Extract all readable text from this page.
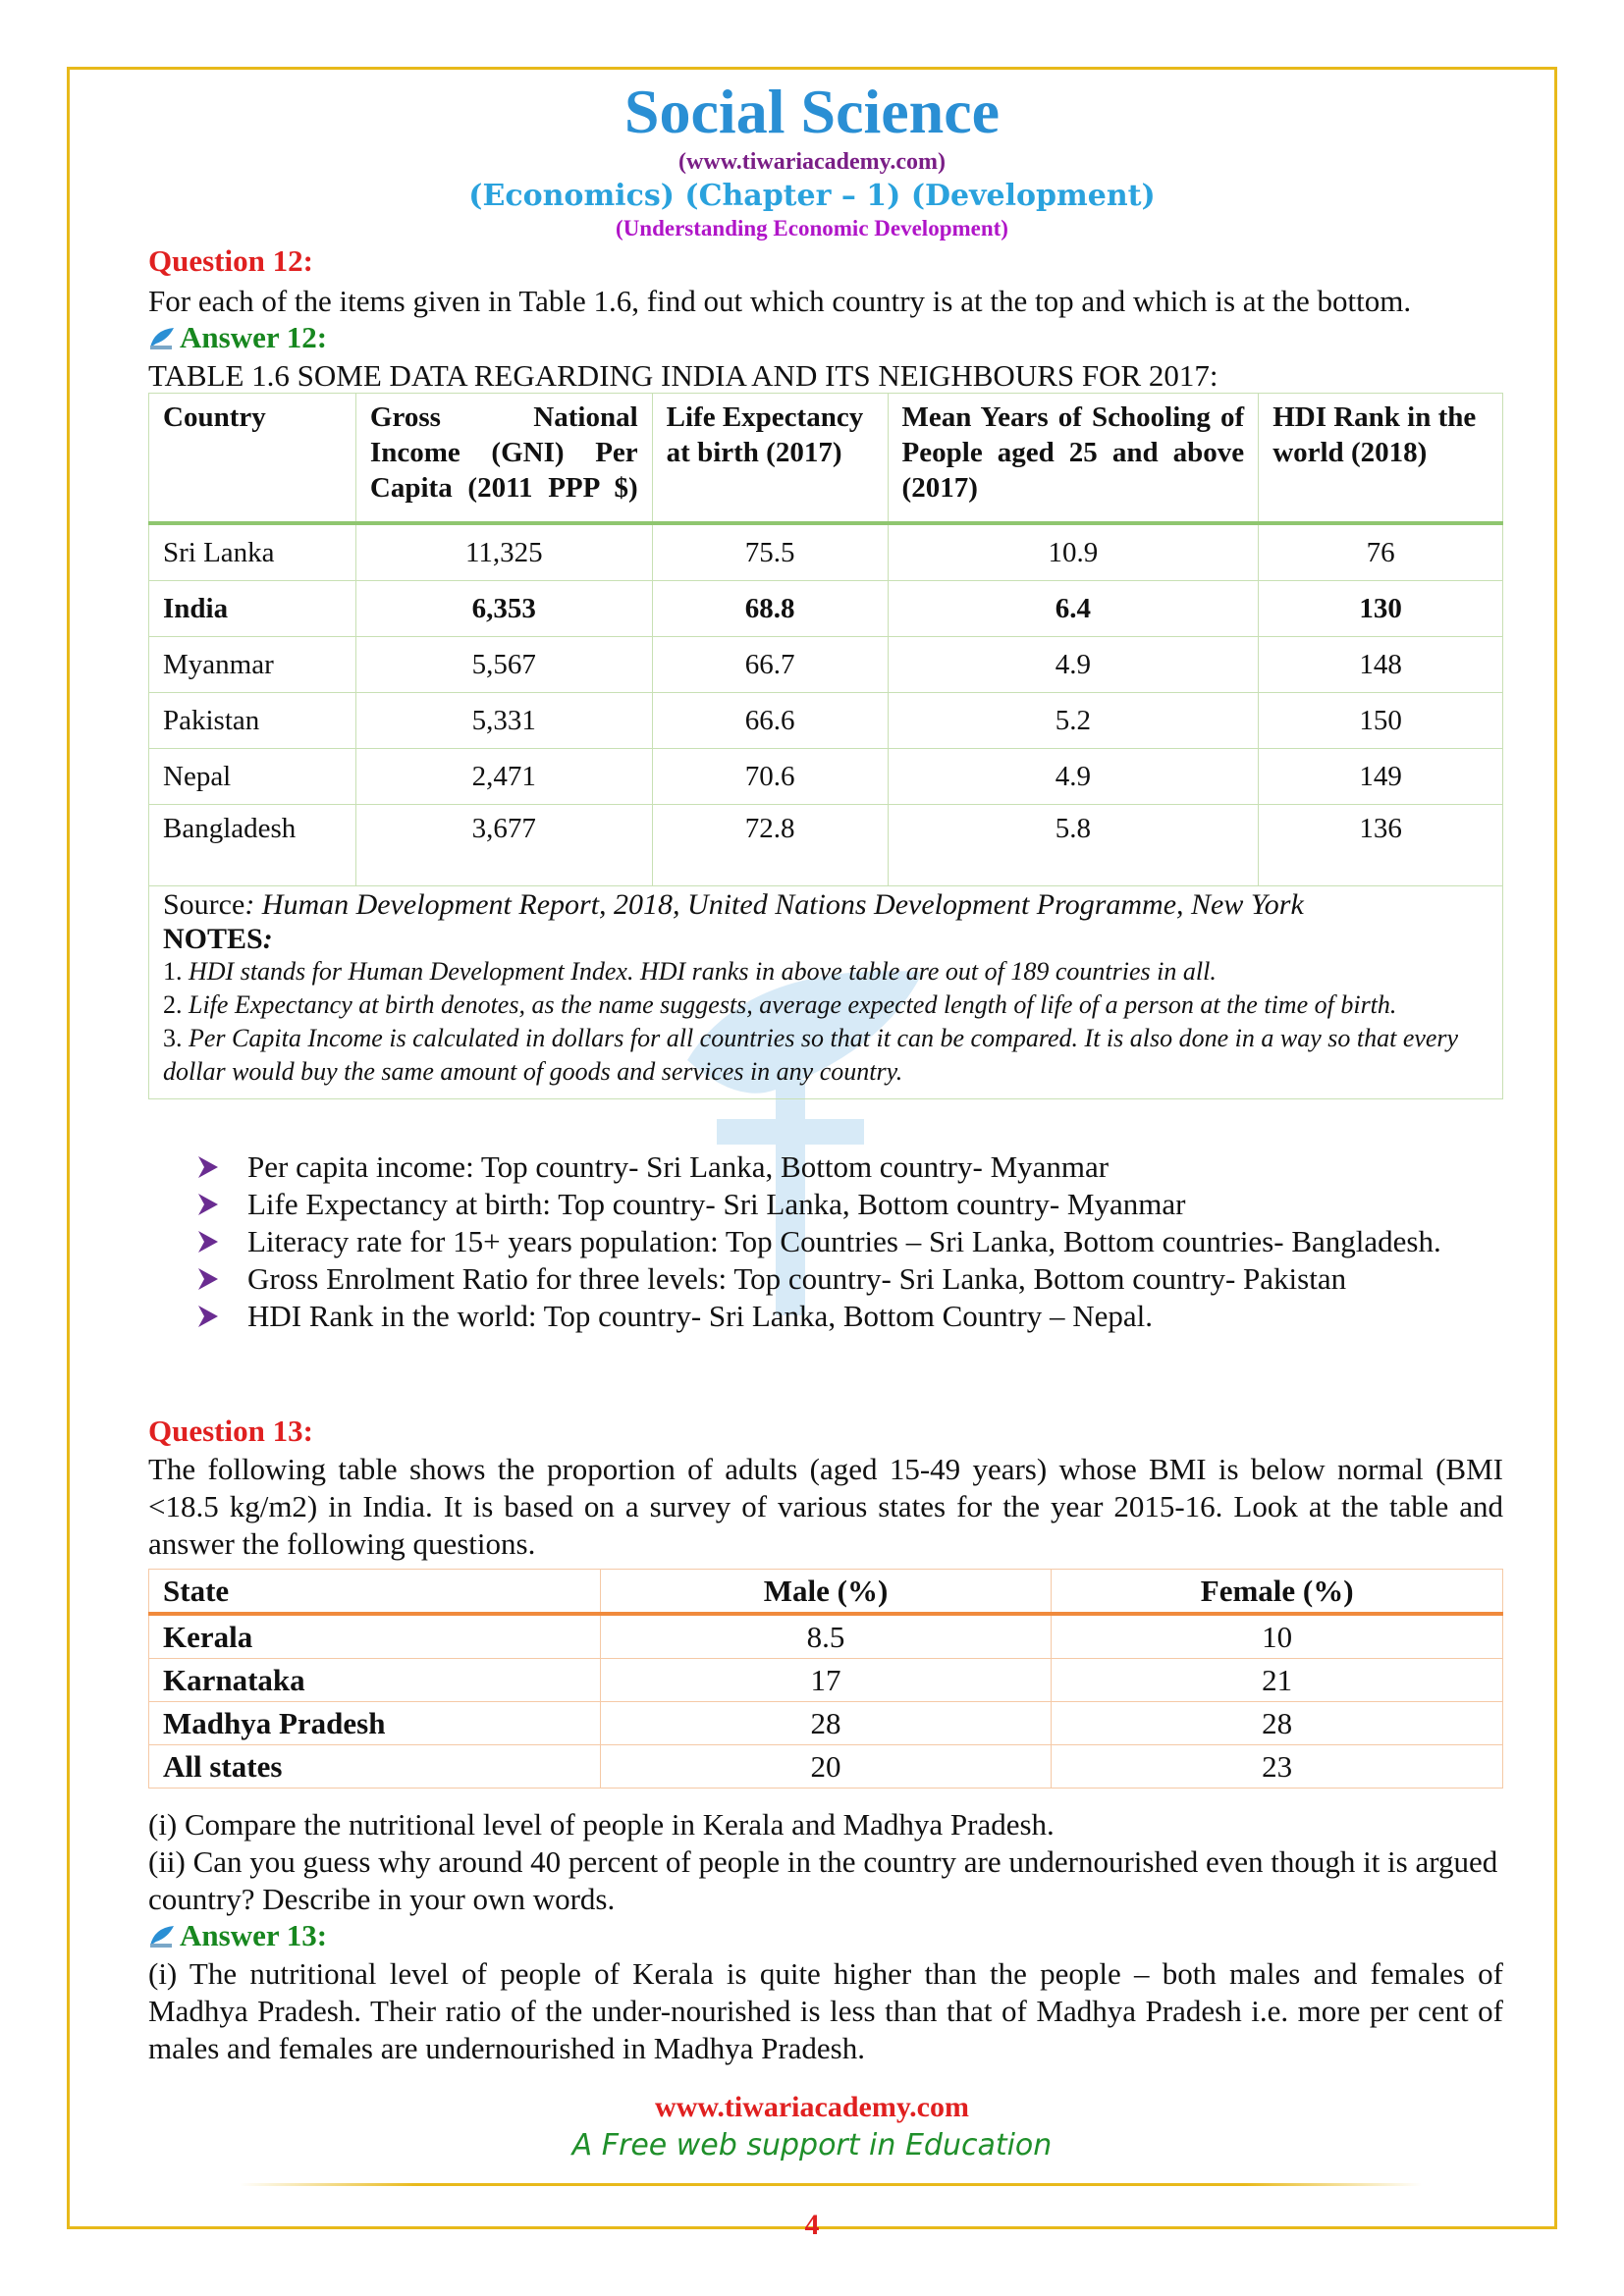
Social Science
(www.tiwariacademy.com)
(Economics) (Chapter – 1) (Development)
(Understanding Economic Development)
Question 12:
For each of the items given in Table 1.6, find out which country is at the top and which is at the bottom.
Answer 12:
TABLE 1.6 SOME DATA REGARDING INDIA AND ITS NEIGHBOURS FOR 2017:
Country	Gross National Income (GNI) Per Capita (2011 PPP $)	Life Expectancy at birth (2017)	Mean Years of Schooling of People aged 25 and above (2017)	HDI Rank in the world (2018)
Sri Lanka	11,325	75.5	10.9	76
India	6,353	68.8	6.4	130
Myanmar	5,567	66.7	4.9	148
Pakistan	5,331	66.6	5.2	150
Nepal	2,471	70.6	4.9	149
Bangladesh	3,677	72.8	5.8	136

Source: Human Development Report, 2018, United Nations Development Programme, New York
NOTES:
1. HDI stands for Human Development Index. HDI ranks in above table are out of 189 countries in all.
2. Life Expectancy at birth denotes, as the name suggests, average expected length of life of a person at the time of birth.
3. Per Capita Income is calculated in dollars for all countries so that it can be compared. It is also done in a way so that every dollar would buy the same amount of goods and services in any country.				
Per capita income: Top country- Sri Lanka, Bottom country- Myanmar
Life Expectancy at birth: Top country- Sri Lanka, Bottom country- Myanmar
Literacy rate for 15+ years population: Top Countries – Sri Lanka, Bottom countries- Bangladesh.
Gross Enrolment Ratio for three levels: Top country- Sri Lanka, Bottom country- Pakistan
HDI Rank in the world: Top country- Sri Lanka, Bottom Country – Nepal.
Question 13:
The following table shows the proportion of adults (aged 15-49 years) whose BMI is below normal (BMI <18.5 kg/m2) in India. It is based on a survey of various states for the year 2015-16. Look at the table and answer the following questions.
State	Male (%)	Female (%)
Kerala	8.5	10
Karnataka	17	21
Madhya Pradesh	28	28
All states	20	23
(i) Compare the nutritional level of people in Kerala and Madhya Pradesh.
(ii) Can you guess why around 40 percent of people in the country are undernourished even though it is argued country? Describe in your own words.
Answer 13:
(i) The nutritional level of people of Kerala is quite higher than the people – both males and females of Madhya Pradesh. Their ratio of the under-nourished is less than that of Madhya Pradesh i.e. more per cent of males and females are undernourished in Madhya Pradesh.
www.tiwariacademy.com
A Free web support in Education
4
